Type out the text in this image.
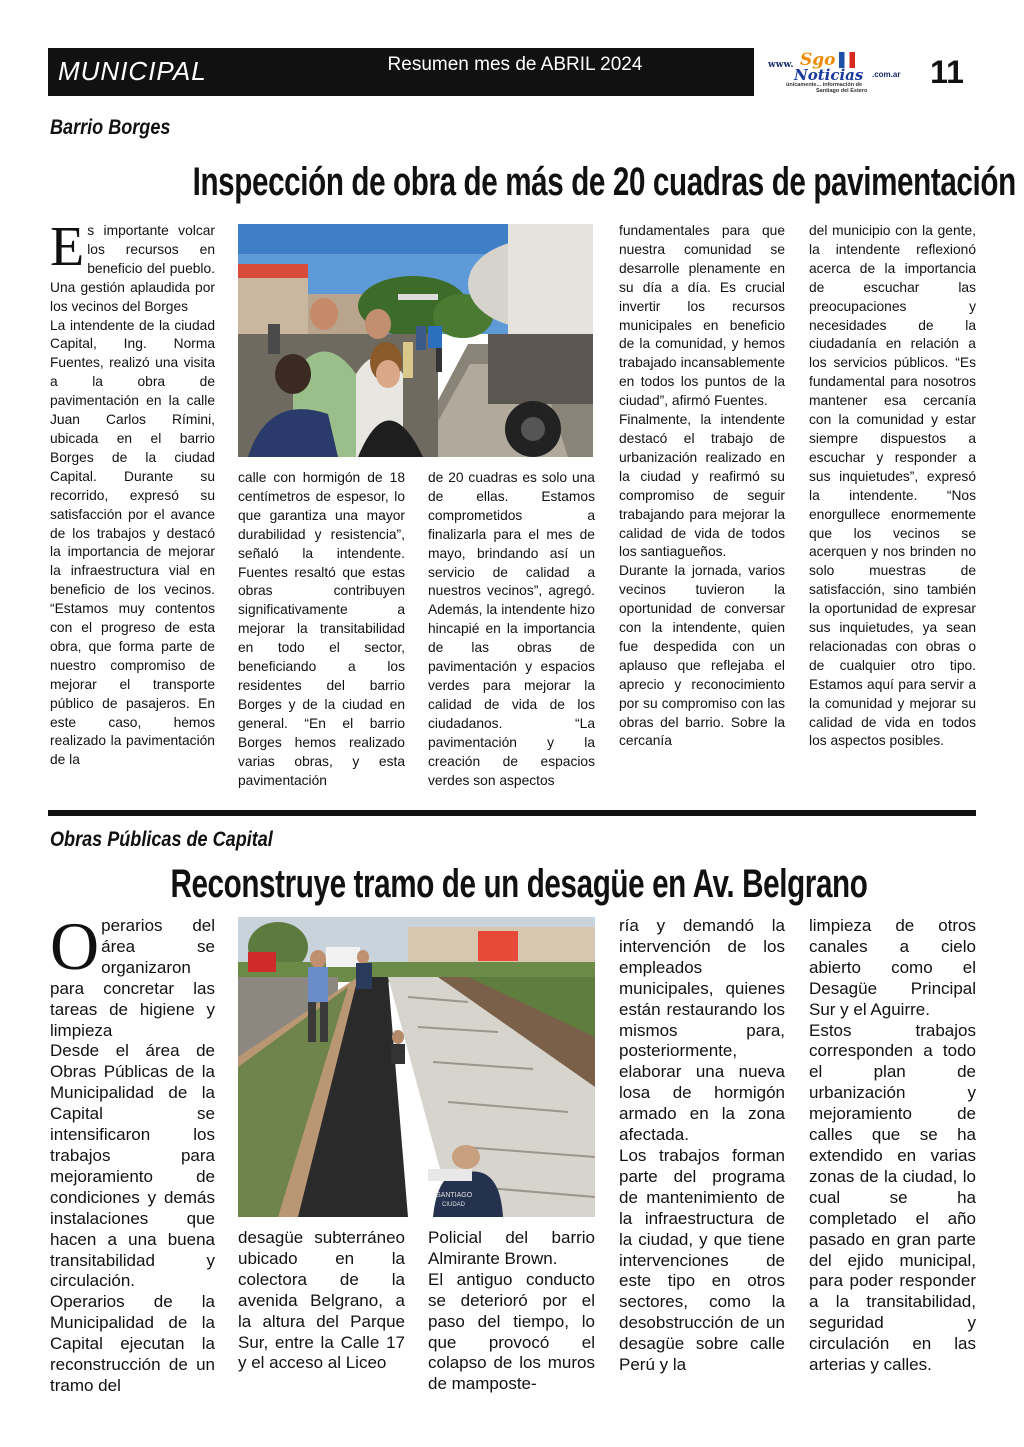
MUNICIPAL	Resumen mes de ABRIL 2024	www. Sgo
Noticias .com.ar
únicamente... información de
Santiago del Estero
11
Barrio Borges
Inspección de obra de más de 20 cuadras de pavimentación
E s importante volcar los recursos en beneficio del pueblo. Una gestión aplaudida por los vecinos del Borges

La intendente de la ciudad Capital, Ing. Norma Fuentes, realizó una visita a la obra de pavimentación en la calle Juan Carlos Rímini, ubicada en el barrio Borges de la ciudad Capital. Durante su recorrido, expresó su satisfacción por el avance de los trabajos y destacó la importancia de mejorar la infraestructura vial en beneficio de los vecinos. “Estamos muy contentos con el progreso de esta obra, que forma parte de nuestro compromiso de mejorar el transporte público de pasajeros. En este caso, hemos realizado la pavimentación de la

calle con hormigón de 18 centímetros de espesor, lo que garantiza una mayor durabilidad y resistencia”, señaló la intendente. Fuentes resaltó que estas obras contribuyen significativamente a mejorar la transitabilidad en todo el sector, beneficiando a los residentes del barrio Borges y de la ciudad en general. “En el barrio Borges hemos realizado varias obras, y esta pavimentación

de 20 cuadras es solo una de ellas. Estamos comprometidos a finalizarla para el mes de mayo, brindando así un servicio de calidad a nuestros vecinos”, agregó. Además, la intendente hizo hincapié en la importancia de las obras de pavimentación y espacios verdes para mejorar la calidad de vida de los ciudadanos. “La pavimentación y la creación de espacios verdes son aspectos

fundamentales para que nuestra comunidad se desarrolle plenamente en su día a día. Es crucial invertir los recursos municipales en beneficio de la comunidad, y hemos trabajado incansablemente en todos los puntos de la ciudad”, afirmó Fuentes.

Finalmente, la intendente destacó el trabajo de urbanización realizado en la ciudad y reafirmó su compromiso de seguir trabajando para mejorar la calidad de vida de todos los santiagueños.

Durante la jornada, varios vecinos tuvieron la oportunidad de conversar con la intendente, quien fue despedida con un aplauso que reflejaba el aprecio y reconocimiento por su compromiso con las obras del barrio. Sobre la cercanía

del municipio con la gente, la intendente reflexionó acerca de la importancia de escuchar las preocupaciones y necesidades de la ciudadanía en relación a los servicios públicos. “Es fundamental para nosotros mantener esa cercanía con la comunidad y estar siempre dispuestos a escuchar y responder a sus inquietudes”, expresó la intendente. “Nos enorgullece enormemente que los vecinos se acerquen y nos brinden no solo muestras de satisfacción, sino también la oportunidad de expresar sus inquietudes, ya sean relacionadas con obras o de cualquier otro tipo. Estamos aquí para servir a la comunidad y mejorar su calidad de vida en todos los aspectos posibles.

Obras Públicas de Capital
Reconstruye tramo de un desagüe en Av. Belgrano
O perarios del área se organizaron para concretar las tareas de higiene y limpieza

Desde el área de Obras Públicas de la Municipalidad de la Capital se intensificaron los trabajos para mejoramiento de condiciones y demás instalaciones que hacen a una buena transitabilidad y circulación.

Operarios de la Municipalidad de la Capital ejecutan la reconstrucción de un tramo del

SANTIAGO
CIUDAD

desagüe subterráneo ubicado en la colectora de la avenida Belgrano, a la altura del Parque Sur, entre la Calle 17 y el acceso al Liceo

Policial del barrio Almirante Brown.

El antiguo conducto se deterioró por el paso del tiempo, lo que provocó el colapso de los muros de mamposte-

ría y demandó la intervención de los empleados municipales, quienes están restaurando los mismos para, posteriormente, elaborar una nueva losa de hormigón armado en la zona afectada.

Los trabajos forman parte del programa de mantenimiento de la infraestructura de la ciudad, y que tiene intervenciones de este tipo en otros sectores, como la desobstrucción de un desagüe sobre calle Perú y la

limpieza de otros canales a cielo abierto como el Desagüe Principal Sur y el Aguirre.

Estos trabajos corresponden a todo el plan de urbanización y mejoramiento de calles que se ha extendido en varias zonas de la ciudad, lo cual se ha completado el año pasado en gran parte del ejido municipal, para poder responder a la transitabilidad, seguridad y circulación en las arterias y calles.
